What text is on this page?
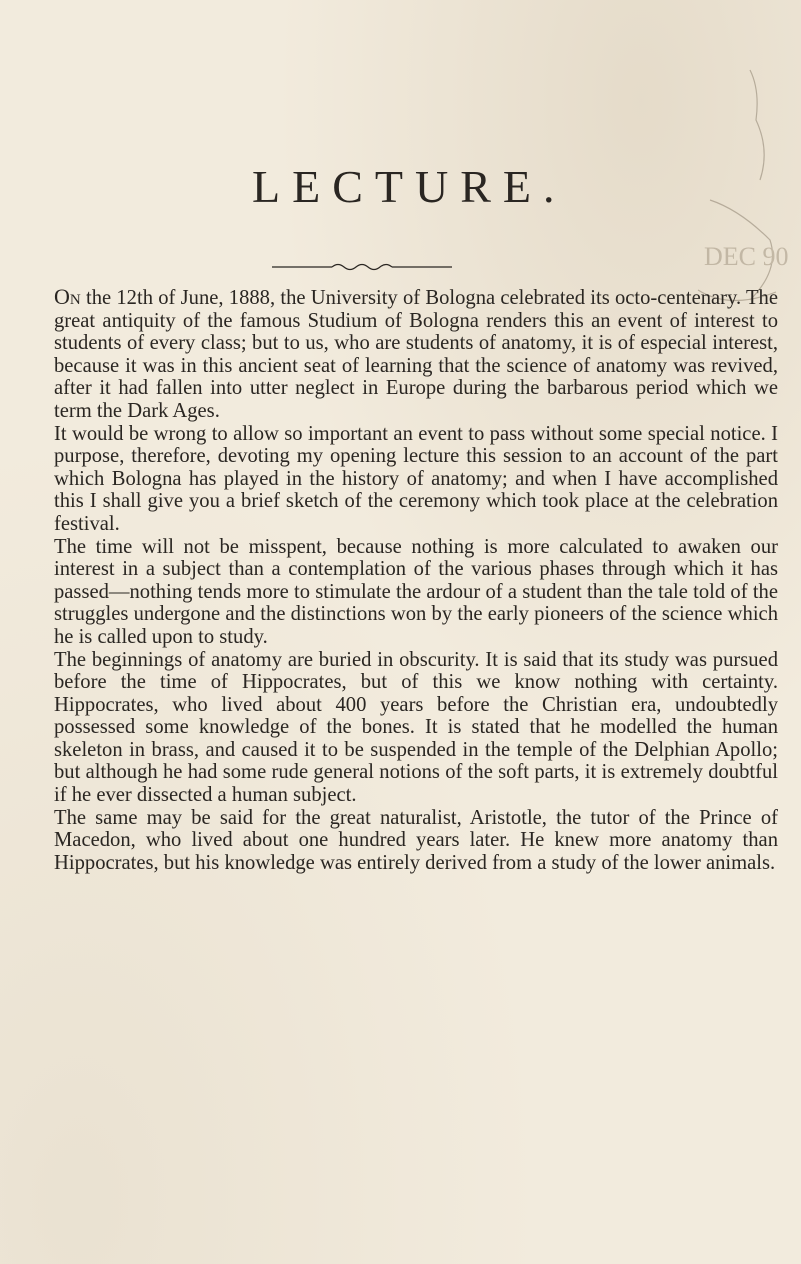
DEC 90
LECTURE.

On the 12th of June, 1888, the University of Bologna celebrated its octo-centenary. The great antiquity of the famous Studium of Bologna renders this an event of interest to students of every class; but to us, who are students of anatomy, it is of especial interest, because it was in this ancient seat of learning that the science of anatomy was revived, after it had fallen into utter neglect in Europe during the barbarous period which we term the Dark Ages.

It would be wrong to allow so important an event to pass without some special notice. I purpose, therefore, devoting my opening lecture this session to an account of the part which Bologna has played in the history of anatomy; and when I have accomplished this I shall give you a brief sketch of the ceremony which took place at the celebration festival.

The time will not be misspent, because nothing is more calculated to awaken our interest in a subject than a contemplation of the various phases through which it has passed—nothing tends more to stimulate the ardour of a student than the tale told of the struggles undergone and the distinctions won by the early pioneers of the science which he is called upon to study.

The beginnings of anatomy are buried in obscurity. It is said that its study was pursued before the time of Hippocrates, but of this we know nothing with certainty. Hippocrates, who lived about 400 years before the Christian era, undoubtedly possessed some knowledge of the bones. It is stated that he modelled the human skeleton in brass, and caused it to be suspended in the temple of the Delphian Apollo; but although he had some rude general notions of the soft parts, it is extremely doubtful if he ever dissected a human subject.

The same may be said for the great naturalist, Aristotle, the tutor of the Prince of Macedon, who lived about one hundred years later. He knew more anatomy than Hippocrates, but his knowledge was entirely derived from a study of the lower animals.
